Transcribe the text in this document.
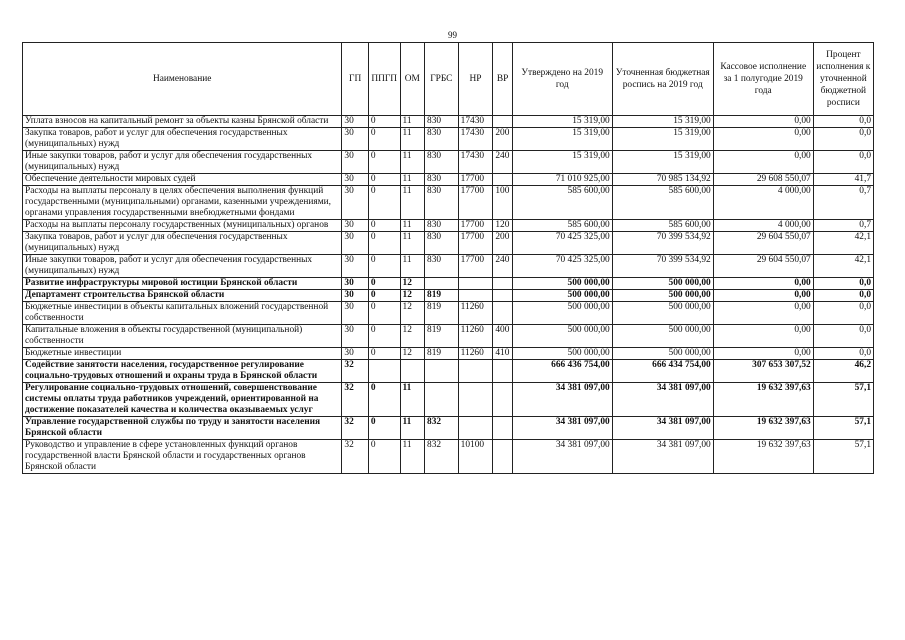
99
Наименование	ГП	ППГП	ОМ	ГРБС	НР	ВР	Утверждено на 2019 год	Уточненная бюджетная роспись на 2019 год	Кассовое исполнение за 1 полугодие 2019 года	Процент исполнения к уточненной бюджетной росписи
Уплата взносов на капитальный ремонт за объекты казны Брянской области	30	0	11	830	17430		15 319,00	15 319,00	0,00	0,0
Закупка товаров, работ и услуг для обеспечения государственных (муниципальных) нужд	30	0	11	830	17430	200	15 319,00	15 319,00	0,00	0,0
Иные закупки товаров, работ и услуг для обеспечения государственных (муниципальных) нужд	30	0	11	830	17430	240	15 319,00	15 319,00	0,00	0,0
Обеспечение деятельности мировых судей	30	0	11	830	17700		71 010 925,00	70 985 134,92	29 608 550,07	41,7
Расходы на выплаты персоналу в целях обеспечения выполнения функций государственными (муниципальными) органами, казенными учреждениями, органами управления государственными внебюджетными фондами	30	0	11	830	17700	100	585 600,00	585 600,00	4 000,00	0,7
Расходы на выплаты персоналу государственных (муниципальных) органов	30	0	11	830	17700	120	585 600,00	585 600,00	4 000,00	0,7
Закупка товаров, работ и услуг для обеспечения государственных (муниципальных) нужд	30	0	11	830	17700	200	70 425 325,00	70 399 534,92	29 604 550,07	42,1
Иные закупки товаров, работ и услуг для обеспечения государственных (муниципальных) нужд	30	0	11	830	17700	240	70 425 325,00	70 399 534,92	29 604 550,07	42,1
Развитие инфраструктуры мировой юстиции Брянской области	30	0	12				500 000,00	500 000,00	0,00	0,0
Департамент строительства Брянской области	30	0	12	819			500 000,00	500 000,00	0,00	0,0
Бюджетные инвестиции в объекты капитальных вложений государственной собственности	30	0	12	819	11260		500 000,00	500 000,00	0,00	0,0
Капитальные вложения в объекты государственной (муниципальной) собственности	30	0	12	819	11260	400	500 000,00	500 000,00	0,00	0,0
Бюджетные инвестиции	30	0	12	819	11260	410	500 000,00	500 000,00	0,00	0,0
Содействие занятости населения, государственное регулирование социально-трудовых отношений и охраны труда в Брянской области	32						666 436 754,00	666 434 754,00	307 653 307,52	46,2
Регулирование социально-трудовых отношений, совершенствование системы оплаты труда работников учреждений, ориентированной на достижение показателей качества и количества оказываемых услуг	32	0	11				34 381 097,00	34 381 097,00	19 632 397,63	57,1
Управление государственной службы по труду и занятости населения Брянской области	32	0	11	832			34 381 097,00	34 381 097,00	19 632 397,63	57,1
Руководство и управление в сфере установленных функций органов государственной власти Брянской области и государственных органов Брянской области	32	0	11	832	10100		34 381 097,00	34 381 097,00	19 632 397,63	57,1
